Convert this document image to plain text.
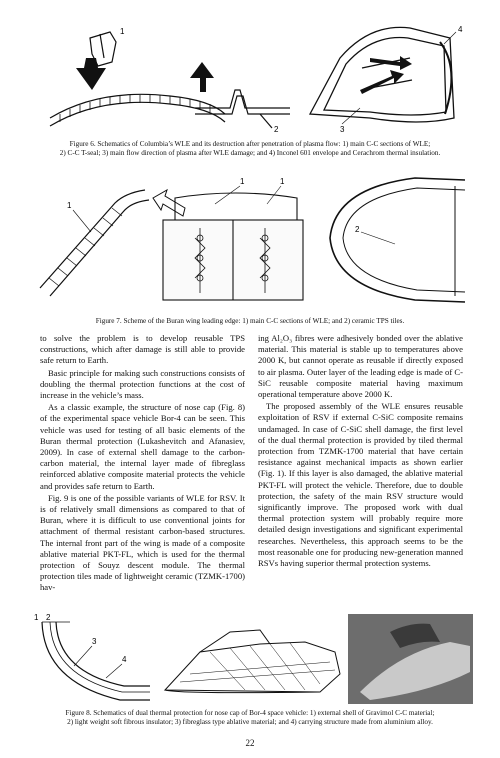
1
2
4
3
Figure 6. Schematics of Columbia’s WLE and its destruction after penetration of plasma flow: 1) main C-C sections of WLE;
2) C-C T-seal; 3) main flow direction of plasma after WLE damage; and 4) Inconel 601 envelope and Cerachrom thermal insulation.
1
1	1
2
Figure 7. Scheme of the Buran wing leading edge: 1) main C-C sections of WLE; and 2) ceramic TPS tiles.

to solve the problem is to develop reusable TPS constructions, which after damage is still able to provide safe return to Earth.

Basic principle for making such constructions consists of doubling the thermal protection functions at the cost of increase in the vehicle’s mass.

As a classic example, the structure of nose cap (Fig. 8) of the experimental space vehicle Bor-4 can be seen. This vehicle was used for testing of all basic elements of the Buran thermal protection (Lukashevitch and Afanasiev, 2009). In case of external shell damage to the carbon-carbon material, the internal layer made of fibreglass reinforced ablative composite material protects the vehicle and provides safe return to Earth.

Fig. 9 is one of the possible variants of WLE for RSV. It is of relatively small dimensions as compared to that of Buran, where it is difficult to use conventional joints for attachment of thermal resistant carbon-based structures. The internal front part of the wing is made of a composite ablative material PKT-FL, which is used for the thermal protection of Souyz descent module. The thermal protection tiles made of lightweight ceramic (TZMK-1700) hav-

ing Al₂O₃ fibres were adhesively bonded over the ablative material. This material is stable up to temperatures above 2000 K, but cannot operate as reusable if directly exposed to air plasma. Outer layer of the leading edge is made of C-SiC reusable composite material having maximum operational temperature above 2000 K.

The proposed assembly of the WLE ensures reusable exploitation of RSV if external C-SiC composite remains undamaged. In case of C-SiC shell damage, the first level of the dual thermal protection is provided by tiled thermal protection from TZMK-1700 material that have certain resistance against mechanical impacts as shown earlier (Fig. 1). If this layer is also damaged, the ablative material PKT-FL will protect the vehicle. Therefore, due to double protection, the safety of the main RSV structure would significantly improve. The proposed work with dual thermal protection system will probably require more detailed design investigations and significant experimental researches. Nevertheless, this approach seems to be the most reasonable one for producing new-generation manned RSVs having superior thermal protection systems.

1 2
3
4
Figure 8. Schematics of dual thermal protection for nose cap of Bor-4 space vehicle: 1) external shell of Gravimol C-C material;
2) light weight soft fibrous insulator; 3) fibreglass type ablative material; and 4) carrying structure made from aluminium alloy.
22
